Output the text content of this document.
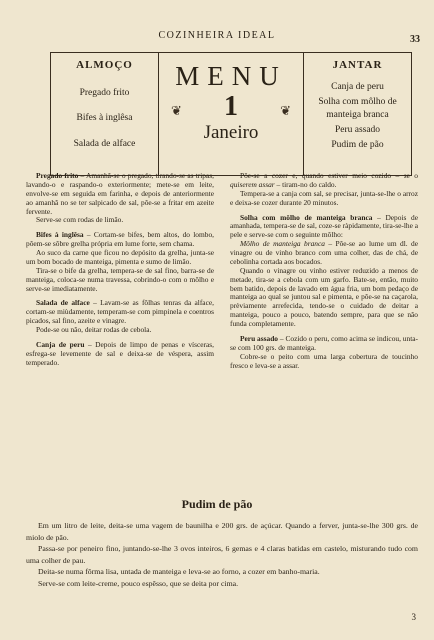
COZINHEIRA IDEAL	33
ALMOÇO
Pregado frito
Bifes à inglêsa
Salada de alface
❦	❦
MENU
1
Janeiro
JANTAR
Canja de peru
Solha com môlho de manteiga branca
Peru assado
Pudim de pão

Pregado frito – Amanhã-se o pregado, tirando-se as tripas, lavando-o e raspando-o exteriormente; mete-se em leite, envolve-se em seguida em farinha, e depois de anteriormente ao amanhã no se ter salpicado de sal, põe-se a fritar em azeite fervente.

Serve-se com rodas de limão.

Bifes à inglêsa – Cortam-se bifes, bem altos, do lombo, põem-se sôbre grelha própria em lume forte, sem chama.

Ao suco da carne que ficou no depósito da grelha, junta-se um bom bocado de manteiga, pimenta e sumo de limão.

Tira-se o bife da grelha, tempera-se de sal fino, barra-se de manteiga, coloca-se numa travessa, cobrindo-o com o môlho e serve-se imediatamente.

Salada de alface – Lavam-se as fôlhas tenras da alface, cortam-se miùdamente, temperam-se com pimpinela e coentros picados, sal fino, azeite e vinagre.

Pode-se ou não, deitar rodas de cebola.

Canja de peru – Depois de limpo de penas e vísceras, esfrega-se levemente de sal e deixa-se de véspera, assim temperado.

Põe-se a cozer e, quando estiver meio cozido – se o quiserem assar – tiram-no do caldo.

Tempera-se a canja com sal, se precisar, junta-se-lhe o arroz e deixa-se cozer durante 20 minutos.

Solha com môlho de manteiga branca – Depois de amanhada, tempera-se de sal, coze-se ràpidamente, tira-se-lhe a pele e serve-se com o seguinte môlho:

Môlho de manteiga branca – Põe-se ao lume um dl. de vinagre ou de vinho branco com uma colher, das de chá, de cebolinha cortada aos bocados.

Quando o vinagre ou vinho estiver reduzido a menos de metade, tira-se a cebola com um garfo. Bate-se, então, muito bem batido, depois de lavado em água fria, um bom pedaço de manteiga ao qual se juntou sal e pimenta, e põe-se na caçarola, prèviamente arrefecida, tendo-se o cuidado de deitar a manteiga, pouco a pouco, batendo sempre, para que se não funda completamente.

Peru assado – Cozido o peru, como acima se indicou, unta-se com 100 grs. de manteiga.

Cobre-se o peito com uma larga cobertura de toucinho fresco e leva-se a assar.

Pudim de pão

Em um litro de leite, deita-se uma vagem de baunilha e 200 grs. de açúcar. Quando a ferver, junta-se-lhe 300 grs. de miolo de pão.

Passa-se por peneiro fino, juntando-se-lhe 3 ovos inteiros, 6 gemas e 4 claras batidas em castelo, misturando tudo com uma colher de pau.

Deita-se numa fôrma lisa, untada de manteiga e leva-se ao forno, a cozer em banho-maria.

Serve-se com leite-creme, pouco espêsso, que se deita por cima.

3
